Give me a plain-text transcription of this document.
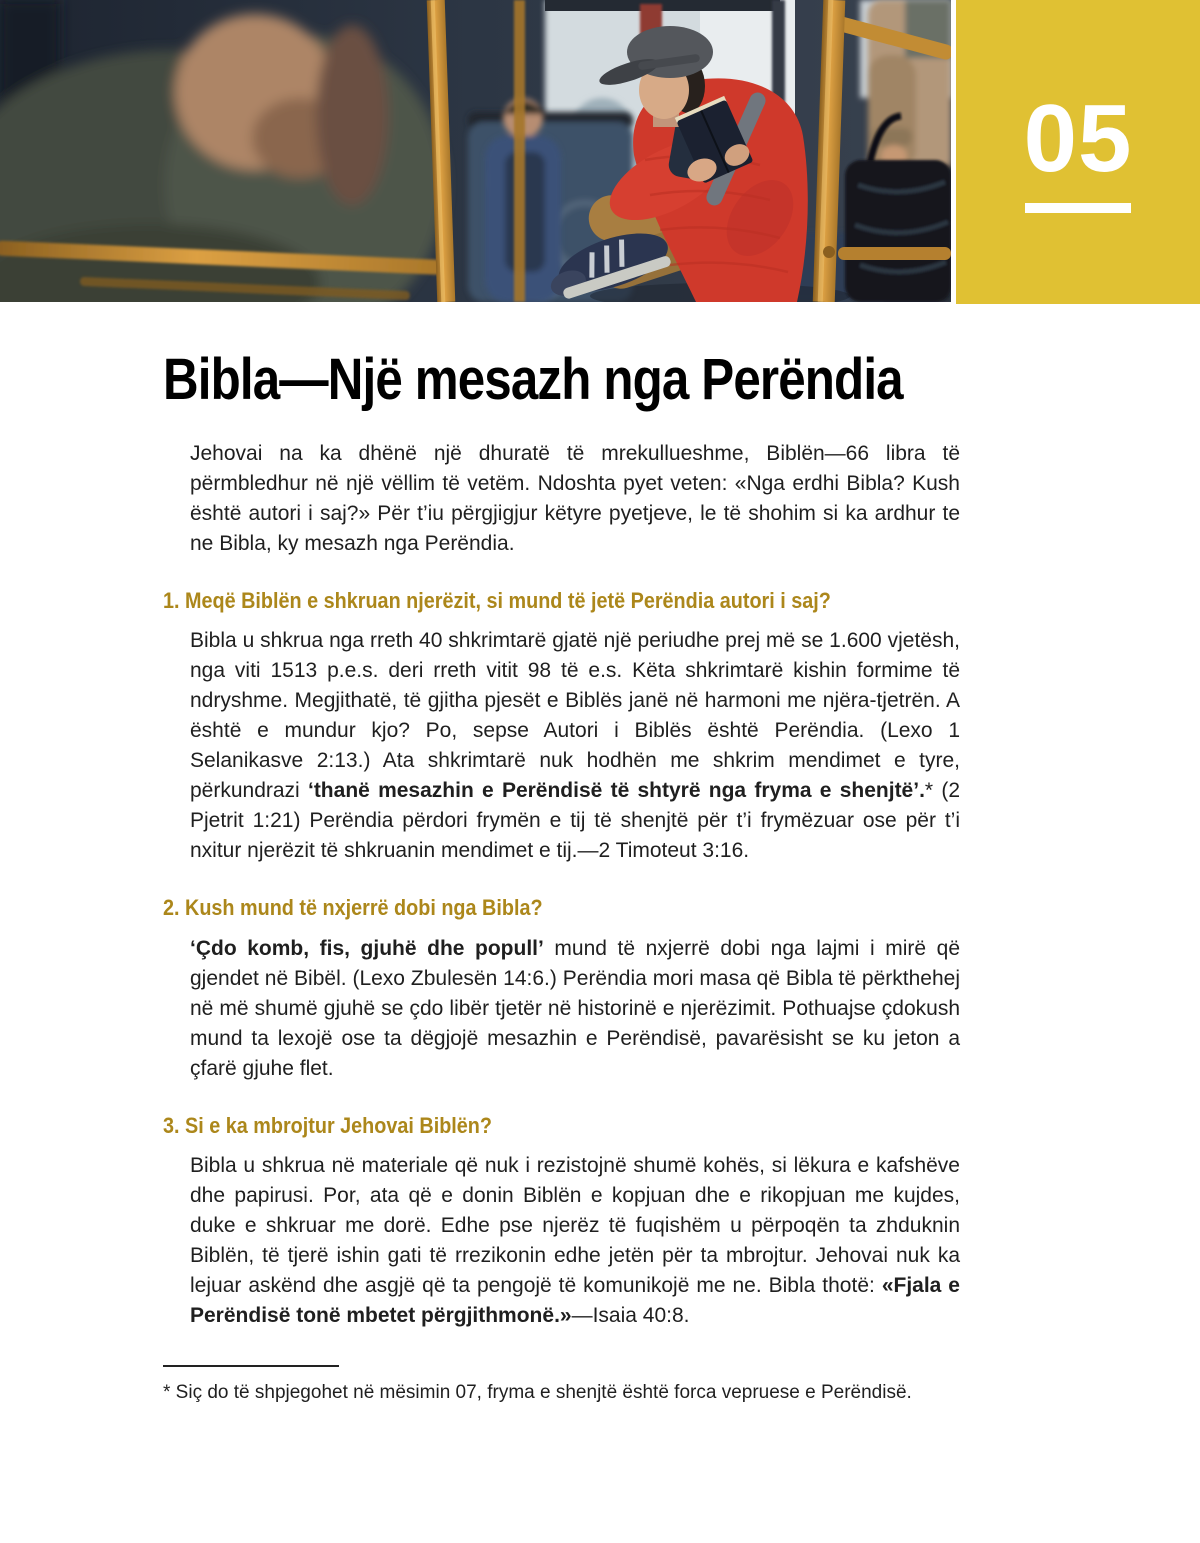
05
Bibla—Një mesazh nga Perëndia

Jehovai na ka dhënë një dhuratë të mrekullueshme, Biblën—66 libra të përmbledhur në një vëllim të vetëm. Ndoshta pyet veten: «Nga erdhi Bibla? Kush është autori i saj?» Për t’iu përgjigjur këtyre pyetjeve, le të shohim si ka ardhur te ne Bibla, ky mesazh nga Perëndia.

1. Meqë Biblën e shkruan njerëzit, si mund të jetë Perëndia autori i saj?

Bibla u shkrua nga rreth 40 shkrimtarë gjatë një periudhe prej më se 1.600 vjetësh, nga viti 1513 p.e.s. deri rreth vitit 98 të e.s. Këta shkrimtarë kishin formime të ndryshme. Megjithatë, të gjitha pjesët e Biblës janë në harmoni me njëra-tjetrën. A është e mundur kjo? Po, sepse Autori i Biblës është Perëndia. (Lexo 1 Selanikasve 2:13.) Ata shkrimtarë nuk hodhën me shkrim mendimet e tyre, përkundrazi ‘thanë mesazhin e Perëndisë të shtyrë nga fryma e shenjtë’.* (2 Pjetrit 1:21) Perëndia përdori frymën e tij të shenjtë për t’i frymëzuar ose për t’i nxitur njerëzit të shkruanin mendimet e tij.—2 Timoteut 3:16.

2. Kush mund të nxjerrë dobi nga Bibla?

‘Çdo komb, fis, gjuhë dhe popull’ mund të nxjerrë dobi nga lajmi i mirë që gjendet në Bibël. (Lexo Zbulesën 14:6.) Perëndia mori masa që Bibla të përkthehej në më shumë gjuhë se çdo libër tjetër në historinë e njerëzimit. Pothuajse çdokush mund ta lexojë ose ta dëgjojë mesazhin e Perëndisë, pavarësisht se ku jeton a çfarë gjuhe flet.

3. Si e ka mbrojtur Jehovai Biblën?

Bibla u shkrua në materiale që nuk i rezistojnë shumë kohës, si lëkura e kafshëve dhe papirusi. Por, ata që e donin Biblën e kopjuan dhe e rikopjuan me kujdes, duke e shkruar me dorë. Edhe pse njerëz të fuqishëm u përpoqën ta zhduknin Biblën, të tjerë ishin gati të rrezikonin edhe jetën për ta mbrojtur. Jehovai nuk ka lejuar askënd dhe asgjë që ta pengojë të komunikojë me ne. Bibla thotë: «Fjala e Perëndisë tonë mbetet përgjithmonë.»—Isaia 40:8.

* Siç do të shpjegohet në mësimin 07, fryma e shenjtë është forca vepruese e Perëndisë.
